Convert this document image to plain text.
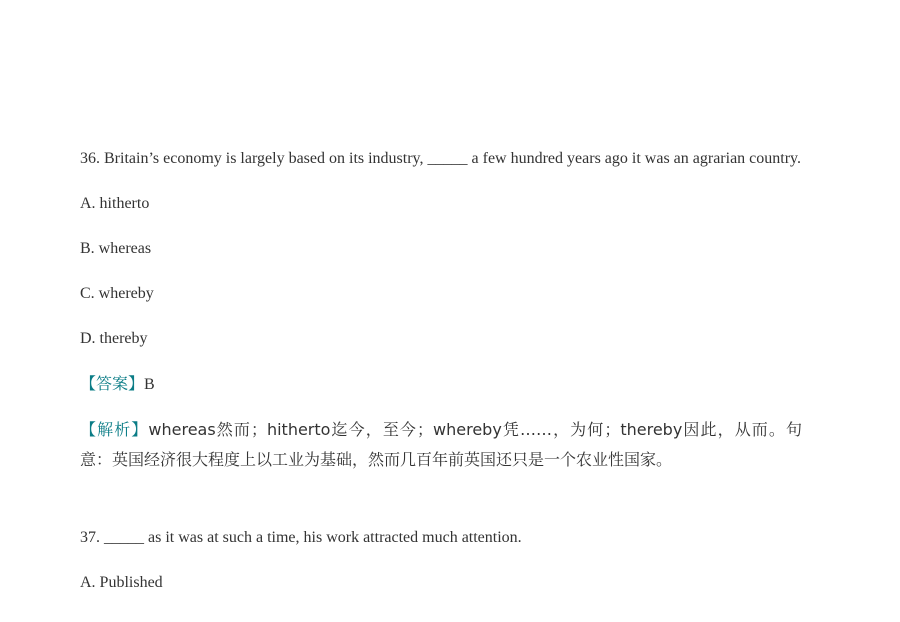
36. Britain’s economy is largely based on its industry, _____ a few hundred years ago it was an agrarian country.

A. hitherto

B. whereas

C. whereby

D. thereby

【答案】B

【解析】whereas然而；hitherto迄今，至今；whereby凭……，为何；thereby因此，从而。句意：英国经济很大程度上以工业为基础，然而几百年前英国还只是一个农业性国家。

37. _____ as it was at such a time, his work attracted much attention.

A. Published
